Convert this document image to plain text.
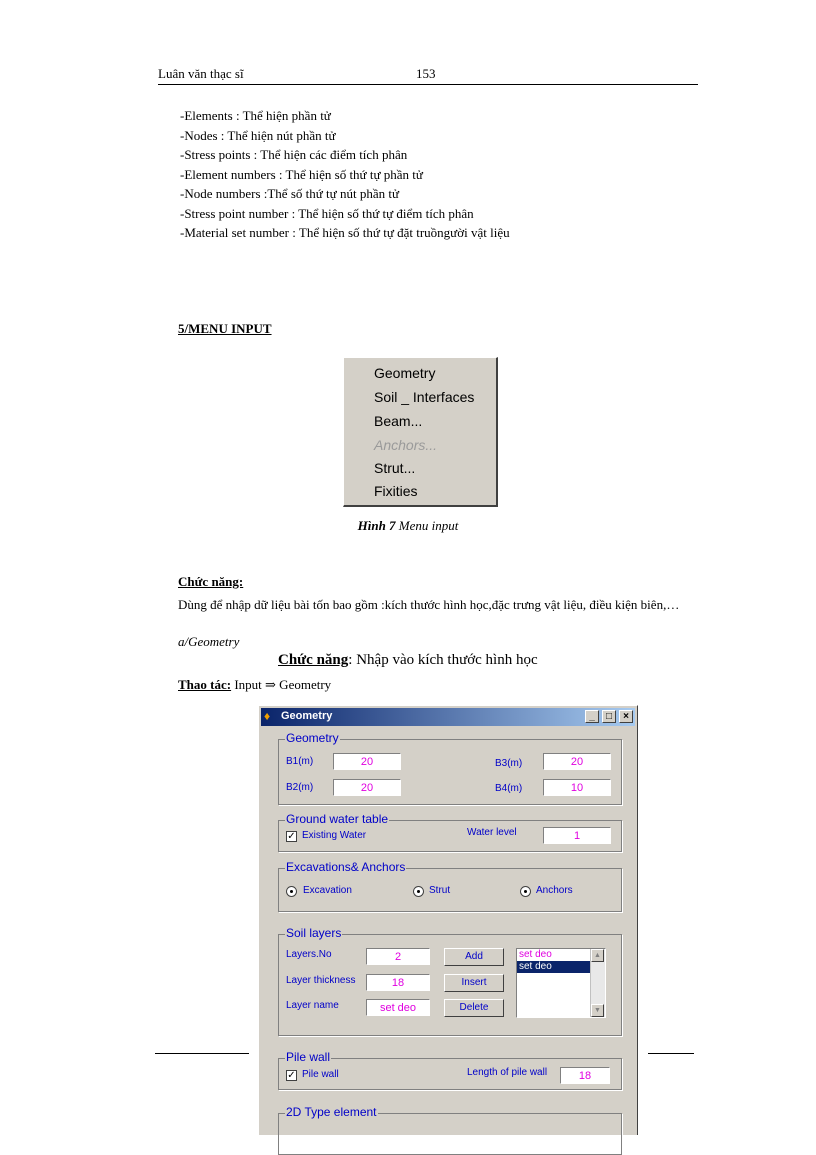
Luân văn thạc sĩ	153
-Elements : Thể hiện phần tử
-Nodes : Thể hiện nút phần tử
-Stress points : Thể hiện các điểm tích phân
-Element numbers : Thể hiện số thứ tự phần tử
-Node numbers :Thể số thứ tự nút phần tử
-Stress point number : Thể hiện số thứ tự điểm tích phân
-Material set number : Thể hiện số thứ tự đặt truồngười vật liệu
5/MENU INPUT
Geometry
Soil _ Interfaces
Beam...
Anchors...
Strut...
Fixities
Hình 7 Menu input
Chức năng:
Dùng để nhập dữ liệu bài tốn bao gồm :kích thước hình học,đặc trưng vật liệu, điều kiện biên,…
a/Geometry
Chức năng: Nhập vào kích thước hình học
Thao tác: Input ⇒ Geometry
♦ Geometry	_	□	×
Geometry
B1(m)	20
B2(m)	20
B3(m)	20
B4(m)	10
Ground water table
✓ Existing Water	Water level	1
Excavations& Anchors
Excavation	Strut	Anchors
Soil layers
Layers.No	2
Layer thickness	18
Layer name	set deo
Add
Insert
Delete
set deo
set deo
▲
▼
Pile wall
✓ Pile wall	Length of pile wall	18
2D Type element
